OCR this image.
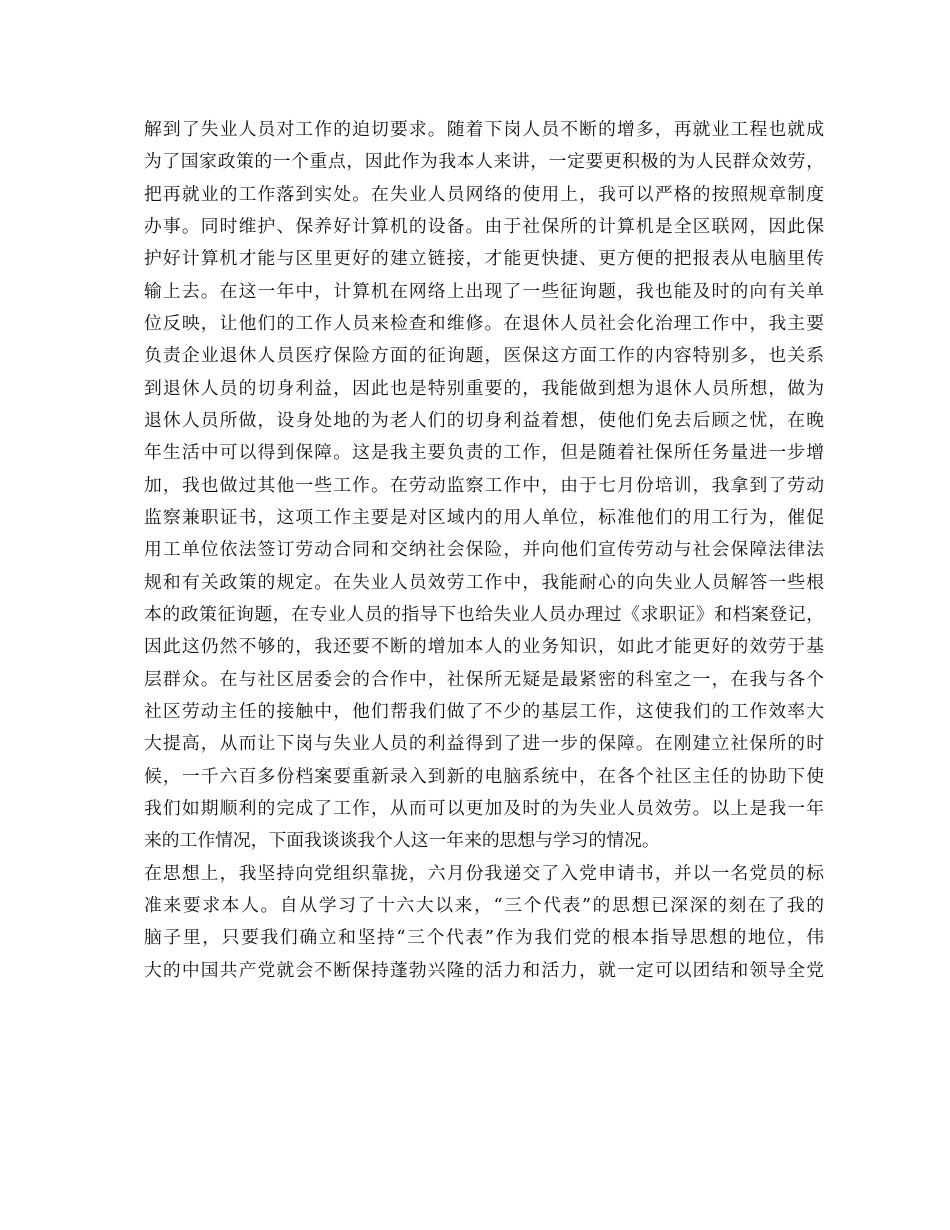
解到了失业人员对工作的迫切要求。随着下岗人员不断的增多，再就业工程也就成
为了国家政策的一个重点，因此作为我本人来讲，一定要更积极的为人民群众效劳，
把再就业的工作落到实处。在失业人员网络的使用上，我可以严格的按照规章制度
办事。同时维护、保养好计算机的设备。由于社保所的计算机是全区联网，因此保
护好计算机才能与区里更好的建立链接，才能更快捷、更方便的把报表从电脑里传
输上去。在这一年中，计算机在网络上出现了一些征询题，我也能及时的向有关单
位反映，让他们的工作人员来检查和维修。在退休人员社会化治理工作中，我主要
负责企业退休人员医疗保险方面的征询题，医保这方面工作的内容特别多，也关系
到退休人员的切身利益，因此也是特别重要的，我能做到想为退休人员所想，做为
退休人员所做，设身处地的为老人们的切身利益着想，使他们免去后顾之忧，在晚
年生活中可以得到保障。这是我主要负责的工作，但是随着社保所任务量进一步增
加，我也做过其他一些工作。在劳动监察工作中，由于七月份培训，我拿到了劳动
监察兼职证书，这项工作主要是对区域内的用人单位，标准他们的用工行为，催促
用工单位依法签订劳动合同和交纳社会保险，并向他们宣传劳动与社会保障法律法
规和有关政策的规定。在失业人员效劳工作中，我能耐心的向失业人员解答一些根
本的政策征询题，在专业人员的指导下也给失业人员办理过《求职证》和档案登记，
因此这仍然不够的，我还要不断的增加本人的业务知识，如此才能更好的效劳于基
层群众。在与社区居委会的合作中，社保所无疑是最紧密的科室之一，在我与各个
社区劳动主任的接触中，他们帮我们做了不少的基层工作，这使我们的工作效率大
大提高，从而让下岗与失业人员的利益得到了进一步的保障。在刚建立社保所的时
候，一千六百多份档案要重新录入到新的电脑系统中，在各个社区主任的协助下使
我们如期顺利的完成了工作，从而可以更加及时的为失业人员效劳。以上是我一年
来的工作情况，下面我谈谈我个人这一年来的思想与学习的情况。
在思想上，我坚持向党组织靠拢，六月份我递交了入党申请书，并以一名党员的标
准来要求本人。自从学习了十六大以来，“三个代表”的思想已深深的刻在了我的
脑子里，只要我们确立和坚持“三个代表”作为我们党的根本指导思想的地位，伟
大的中国共产党就会不断保持蓬勃兴隆的活力和活力，就一定可以团结和领导全党
